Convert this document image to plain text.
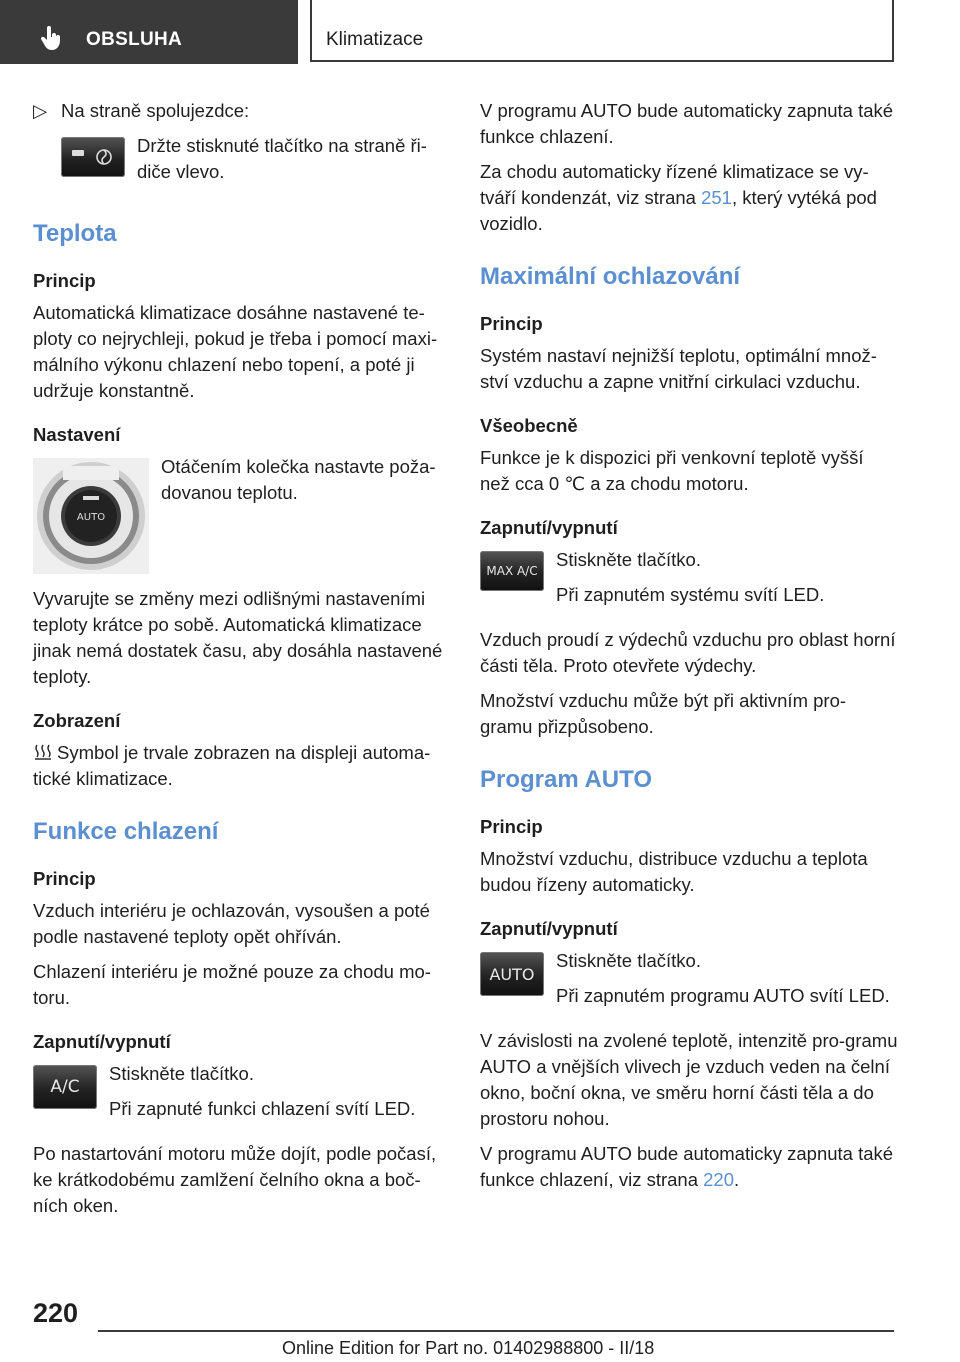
OBSLUHA	Klimatizace
▷ Na straně spolujezdce:
Držte stisknuté tlačítko na straně ři-diče vlevo.
Teplota
Princip
Automatická klimatizace dosáhne nastavené te-ploty co nejrychleji, pokud je třeba i pomocí maxi-málního výkonu chlazení nebo topení, a poté ji udržuje konstantně.
Nastavení
AUTO
Otáčením kolečka nastavte poža-dovanou teplotu.
Vyvarujte se změny mezi odlišnými nastaveními teploty krátce po sobě. Automatická klimatizace jinak nemá dostatek času, aby dosáhla nastavené teploty.
Zobrazení
Symbol je trvale zobrazen na displeji automa-tické klimatizace.
Funkce chlazení
Princip
Vzduch interiéru je ochlazován, vysoušen a poté podle nastavené teploty opět ohříván.
Chlazení interiéru je možné pouze za chodu mo-toru.
Zapnutí/vypnutí
A/C
Stiskněte tlačítko.
Při zapnuté funkci chlazení svítí LED.
Po nastartování motoru může dojít, podle počasí, ke krátkodobému zamlžení čelního okna a boč-ních oken.
V programu AUTO bude automaticky zapnuta také funkce chlazení.
Za chodu automaticky řízené klimatizace se vy-tváří kondenzát, viz strana 251, který vytéká pod vozidlo.
Maximální ochlazování
Princip
Systém nastaví nejnižší teplotu, optimální množ-ství vzduchu a zapne vnitřní cirkulaci vzduchu.
Všeobecně
Funkce je k dispozici při venkovní teplotě vyšší než cca 0 ℃ a za chodu motoru.
Zapnutí/vypnutí
MAX A/C
Stiskněte tlačítko.
Při zapnutém systému svítí LED.
Vzduch proudí z výdechů vzduchu pro oblast horní části těla. Proto otevřete výdechy.
Množství vzduchu může být při aktivním pro-gramu přizpůsobeno.
Program AUTO
Princip
Množství vzduchu, distribuce vzduchu a teplota budou řízeny automaticky.
Zapnutí/vypnutí
AUTO
Stiskněte tlačítko.
Při zapnutém programu AUTO svítí LED.
V závislosti na zvolené teplotě, intenzitě pro-gramu AUTO a vnějších vlivech je vzduch veden na čelní okno, boční okna, ve směru horní části těla a do prostoru nohou.
V programu AUTO bude automaticky zapnuta také funkce chlazení, viz strana 220.
220
Online Edition for Part no. 01402988800 - II/18
